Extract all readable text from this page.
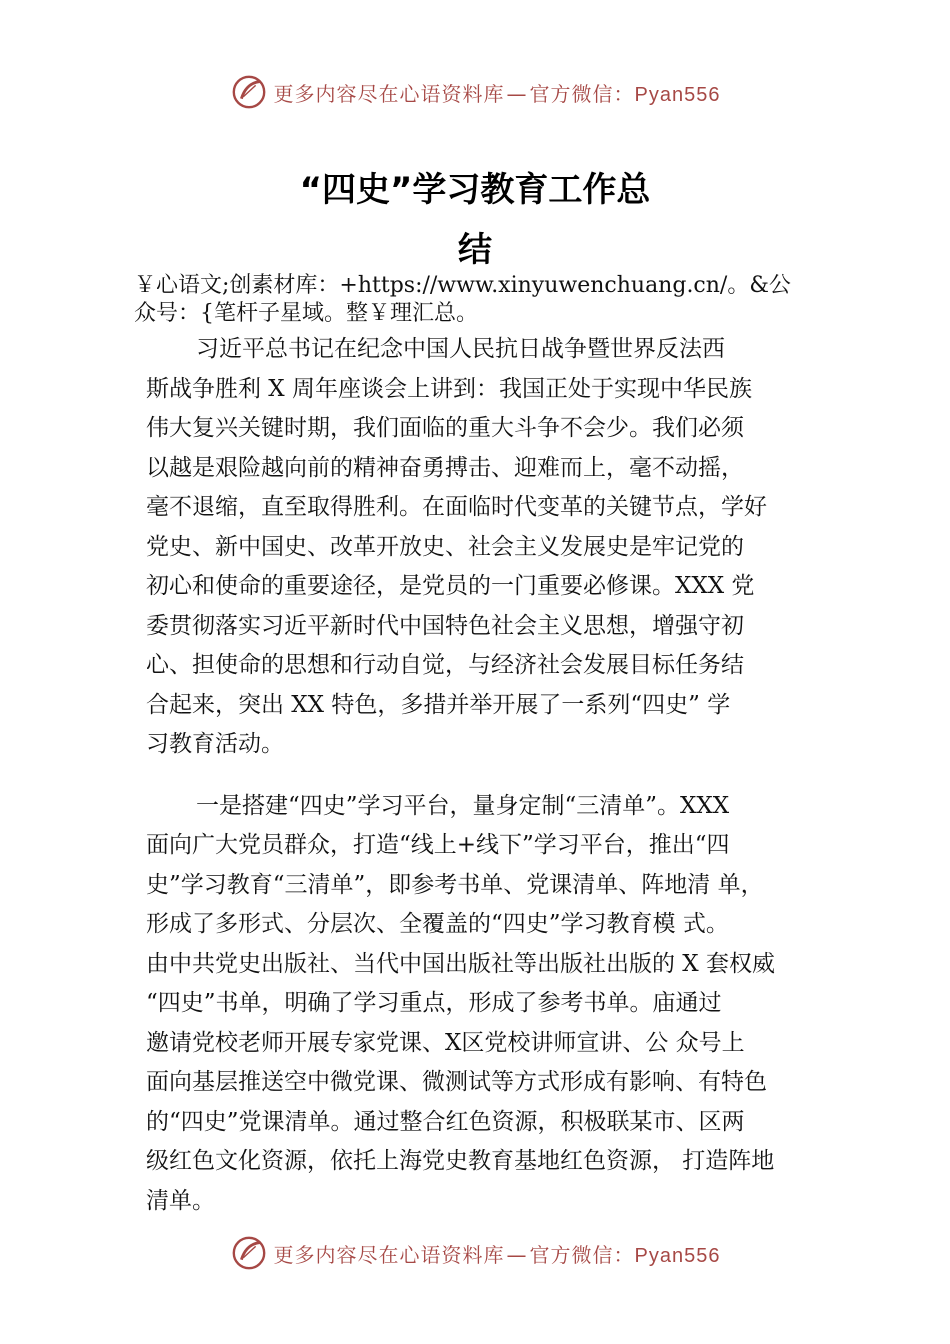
更多内容尽在心语资料库 — 官方微信：Pyan556
“四史”学习教育工作总
结
￥心语文;创素材库：+https://www.xinyuwenchuang.cn/。&公
众号：{笔杆子星域。整￥理汇总。
习近平总书记在纪念中国人民抗日战争暨世界反法西
斯战争胜利 X 周年座谈会上讲到：我国正处于实现中华民族
伟大复兴关键时期，我们面临的重大斗争不会少。我们必须
以越是艰险越向前的精神奋勇搏击、迎难而上，毫不动摇，
毫不退缩，直至取得胜利。在面临时代变革的关键节点，学好
党史、新中国史、改革开放史、社会主义发展史是牢记党的
初心和使命的重要途径，是党员的一门重要必修课。XXX 党
委贯彻落实习近平新时代中国特色社会主义思想，增强守初
心、担使命的思想和行动自觉，与经济社会发展目标任务结
合起来，突出 XX 特色，多措并举开展了一系列“四史” 学
习教育活动。
一是搭建“四史”学习平台，量身定制“三清单”。XXX
面向广大党员群众，打造“线上+线下”学习平台，推出“四
史”学习教育“三清单”，即参考书单、党课清单、阵地清 单，
形成了多形式、分层次、全覆盖的“四史”学习教育模 式。
由中共党史出版社、当代中国出版社等出版社出版的 X 套权威
“四史”书单，明确了学习重点，形成了参考书单。庙通过
邀请党校老师开展专家党课、X区党校讲师宣讲、公 众号上
面向基层推送空中微党课、微测试等方式形成有影响、有特色
的“四史”党课清单。通过整合红色资源，积极联某市、区两
级红色文化资源，依托上海党史教育基地红色资源， 打造阵地
清单。
更多内容尽在心语资料库 — 官方微信：Pyan556
